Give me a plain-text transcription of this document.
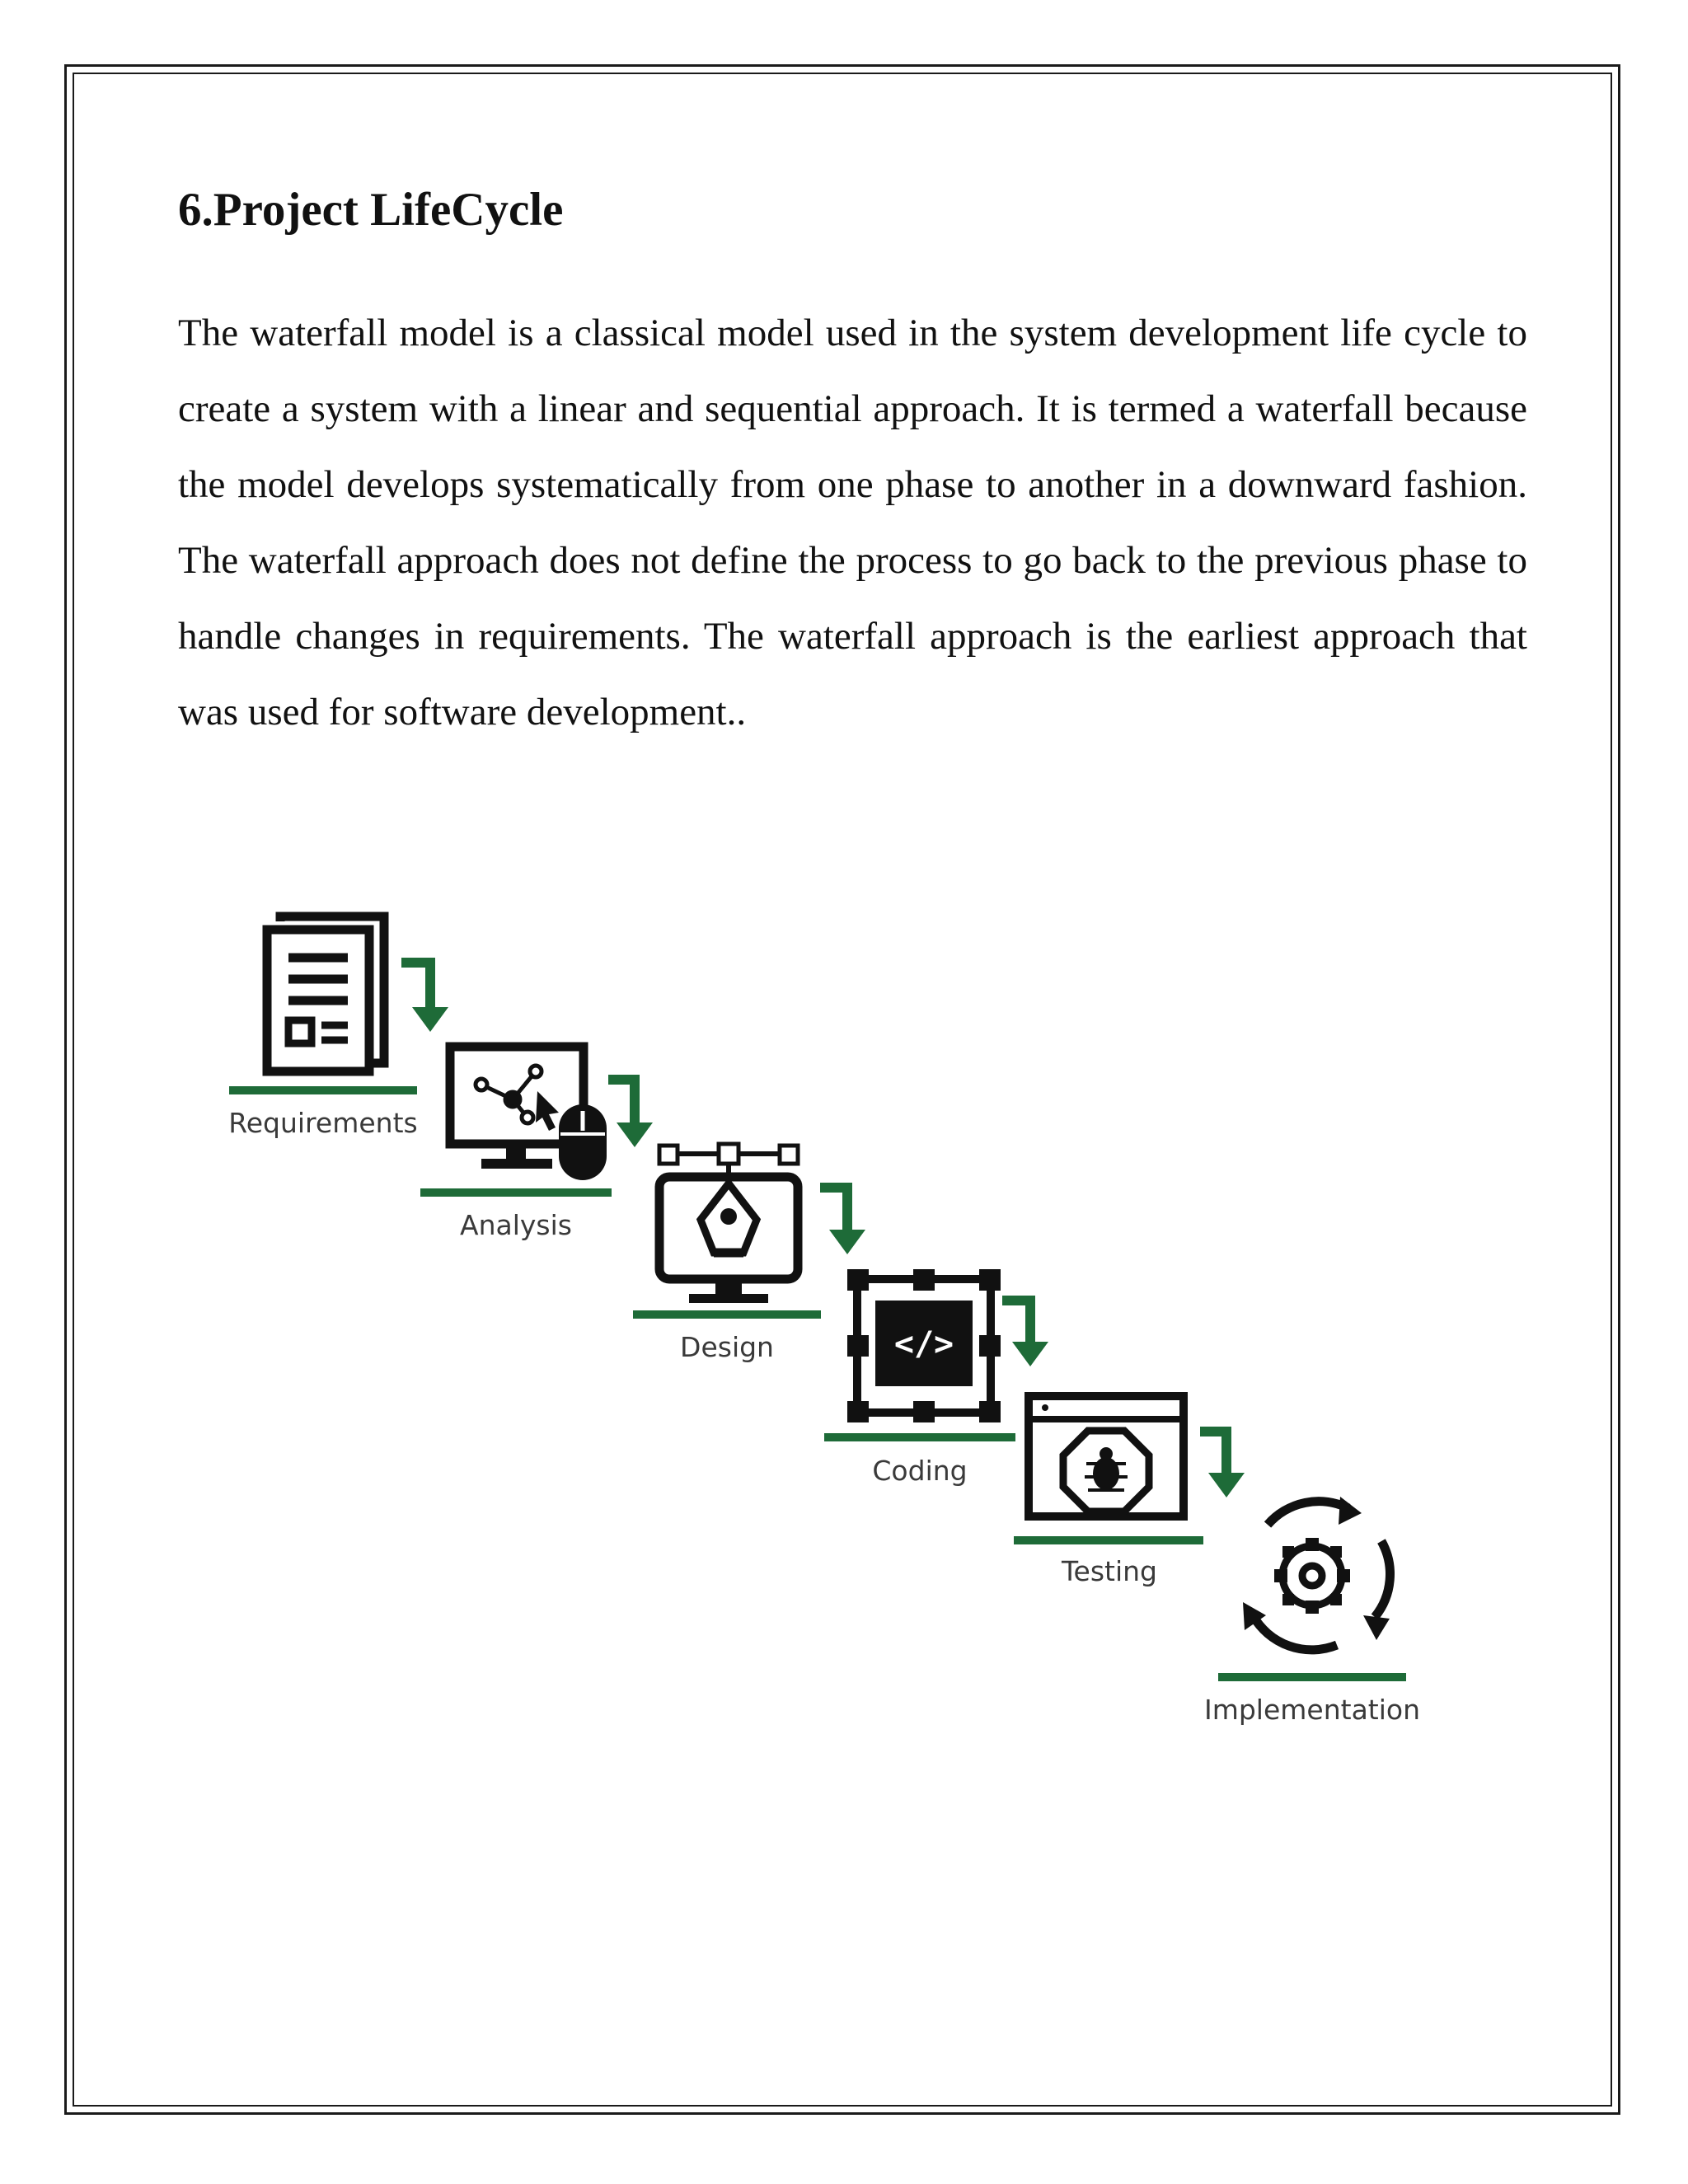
6.Project LifeCycle

The waterfall model is a classical model used in the system development life cycle to create a system with a linear and sequential approach. It is termed a waterfall because the model develops systematically from one phase to another in a downward fashion. The waterfall approach does not define the process to go back to the previous phase to handle changes in requirements. The waterfall approach is the earliest approach that was used for software development..

</>
Requirements
Analysis
Design
Coding
Testing
Implementation
